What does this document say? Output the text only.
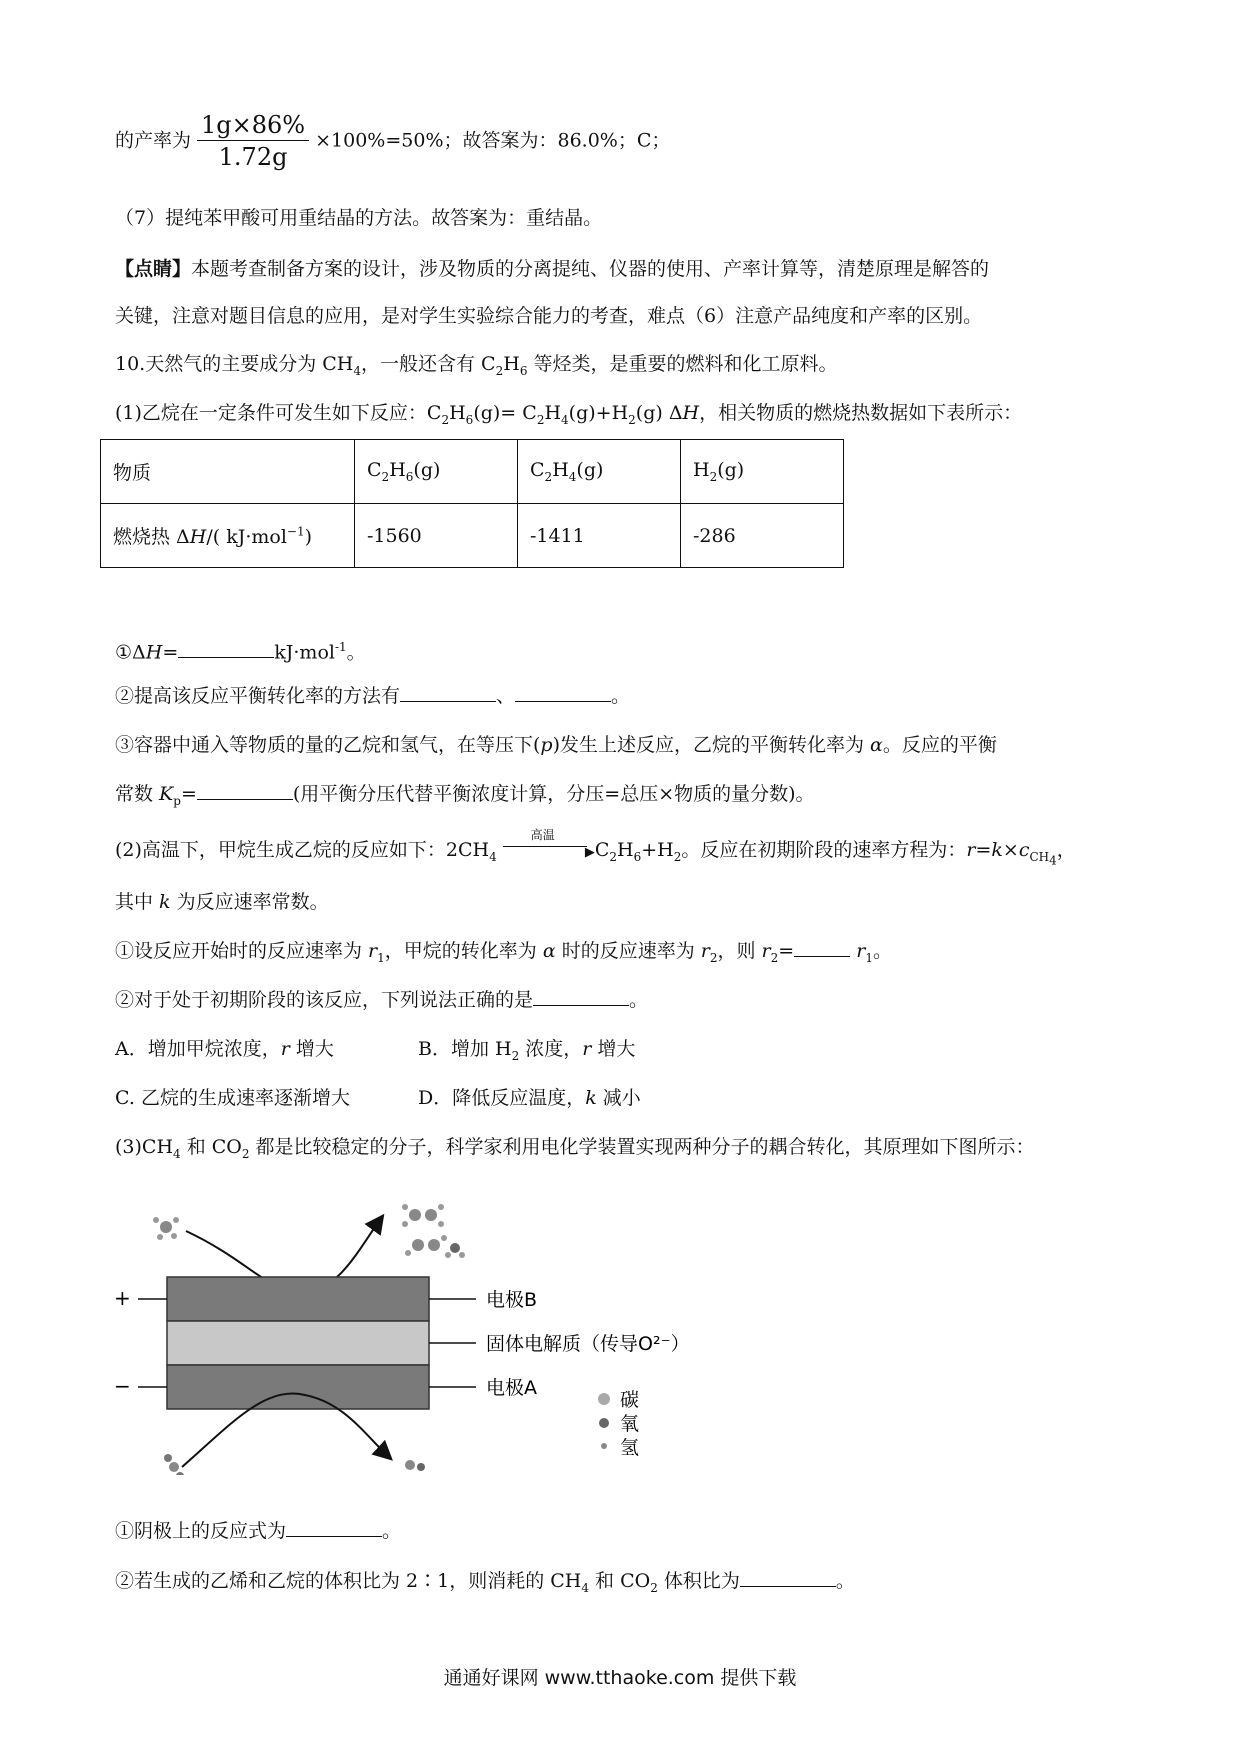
的产率为 $\frac{1g\times 86\%}{1.72g} \times 100\%=50\%$；故答案为：86.0%；C；
（7）提纯苯甲酸可用重结晶的方法。故答案为：重结晶。
【点睛】本题考查制备方案的设计，涉及物质的分离提纯、仪器的使用、产率计算等，清楚原理是解答的
关键，注意对题目信息的应用，是对学生实验综合能力的考查，难点（6）注意产品纯度和产率的区别。
10.天然气的主要成分为 $CH_4$，一般还含有 $C_2H_6$ 等烃类，是重要的燃料和化工原料。
(1)乙烷在一定条件可发生如下反应：$C_2H_6(g)= C_2H_4(g)+H_2(g)$ ΔH，相关物质的燃烧热数据如下表所示：
物质	$C_2H_6(g)$	$C_2H_4(g)$	$H_2(g)$
燃烧热 ΔH/( kJ·mol$^{-1}$)	-1560	-1411	-286
①ΔH=	kJ·mol$^{-1}$。
②提高该反应平衡转化率的方法有	、	。
③容器中通入等物质的量的乙烷和氢气，在等压下(p)发生上述反应，乙烷的平衡转化率为 α。反应的平衡
常数 $K_p=$	(用平衡分压代替平衡浓度计算，分压=总压×物质的量分数)。
(2)高温下，甲烷生成乙烷的反应如下：$2CH_4$
高温
▶ $C_2H_6+H_2$。反应在初期阶段的速率方程为：$r=k\times c_{CH_4}$，
其中 k 为反应速率常数。
①设反应开始时的反应速率为 $r_1$，甲烷的转化率为 α 时的反应速率为 $r_2$，则 $r_2=$	$r_1$。
②对于处于初期阶段的该反应，下列说法正确的是	。
A．增加甲烷浓度，r 增大	B．增加 $H_2$ 浓度，r 增大
C. 乙烷的生成速率逐渐增大	D．降低反应温度，k 减小
$(3)CH_4$ 和 $CO_2$ 都是比较稳定的分子，科学家利用电化学装置实现两种分子的耦合转化，其原理如下图所示：
+
−
电极B
固体电解质（传导O²⁻）
电极A
碳
氧
氢
①阴极上的反应式为	。
②若生成的乙烯和乙烷的体积比为 2∶1，则消耗的 $CH_4$ 和 $CO_2$ 体积比为	。
通通好课网 www.tthaoke.com 提供下载
